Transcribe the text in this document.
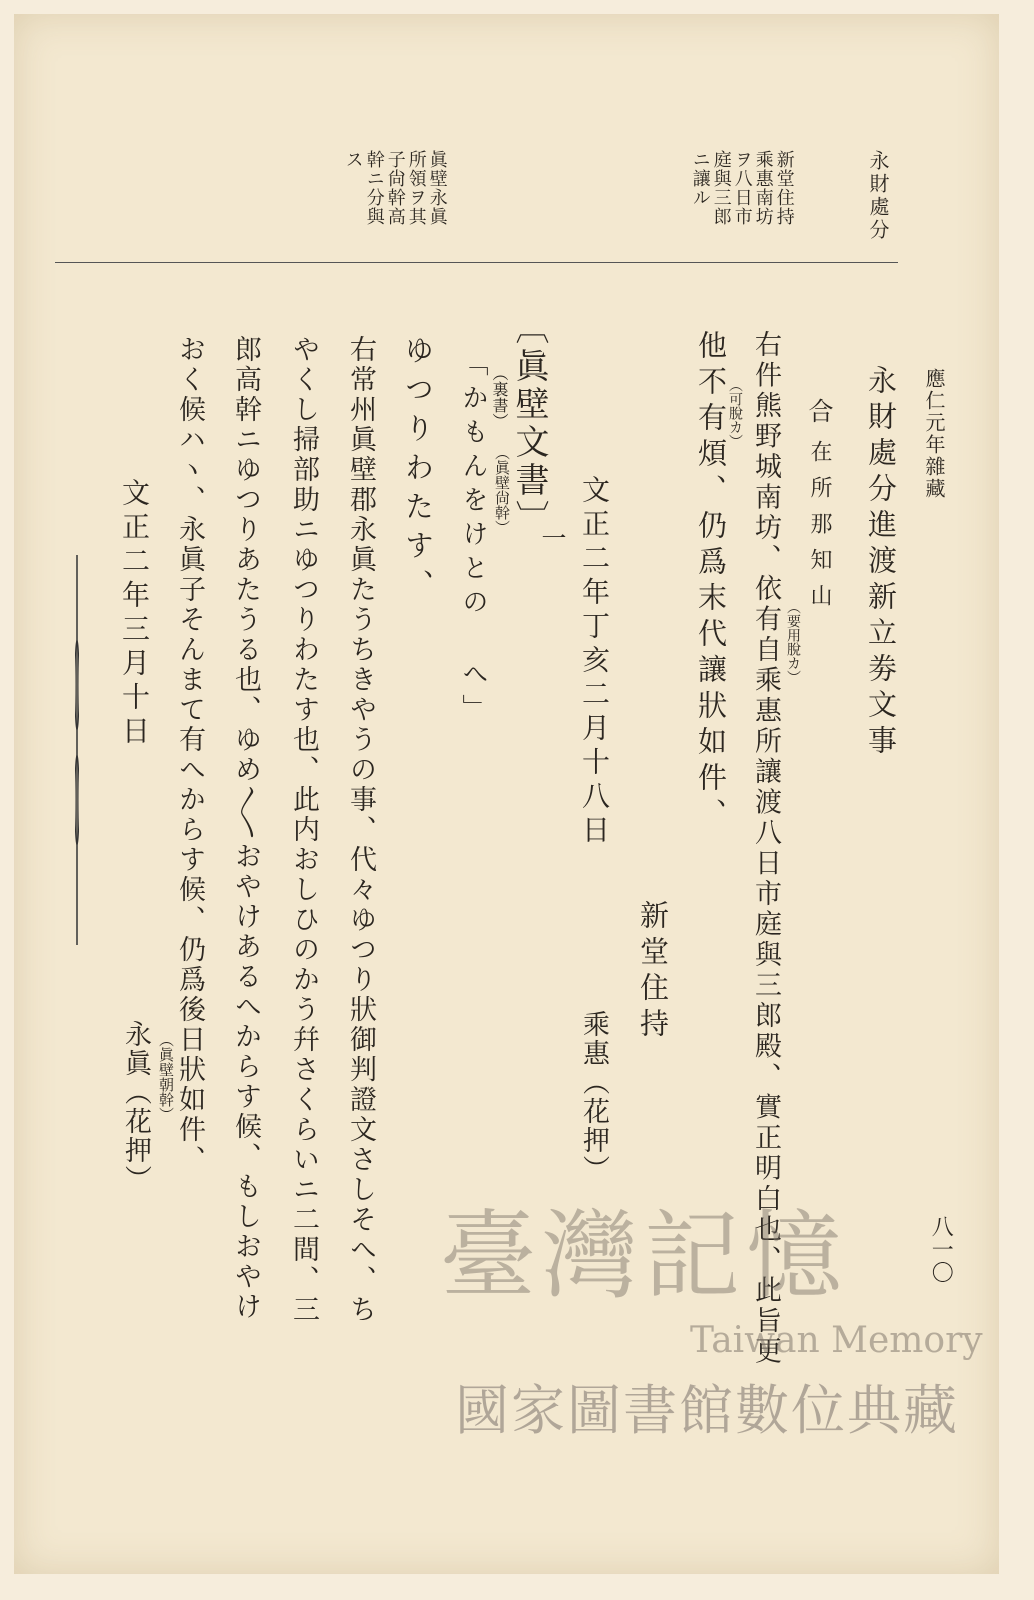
應仁元年雜藏
八一〇
永財處分
新堂住持
乘惠南坊
ヲ八日市
庭與三郎
ニ讓ル
眞壁永眞
所領ヲ其
子尙幹高
幹ニ分與
ス
永財處分進渡新立劵文事
合
在所那知山
右件熊野城南坊、依有自乘惠所讓渡八日市庭與三郎殿、實正明白也、此旨更 （要用脫カ）
（可脫カ）
他不有煩、仍爲末代讓狀如件、
文正二年丁亥二月十八日
新堂住持
乘惠（花押）
〔眞壁文書〕
一
（裏書）
（眞壁尙幹）
「かもんをけとの へ」
ゆつりわたす、
右常州眞壁郡永眞たうちきやうの事、代々ゆつり狀御判證文さしそへ、ち
やくし掃部助ニゆつりわたす也、此内おしひのかう幷さくらいニ二間、三
郎高幹ニゆつりあたうる也、ゆめ〳〵おやけあるへからす候、もしおやけ
おく候ハヽ、永眞子そんまて有へからす候、仍爲後日狀如件、
文正二年三月十日
（眞壁朝幹）
永眞（花押）
臺灣記憶
Taiwan Memory
國家圖書館數位典藏
